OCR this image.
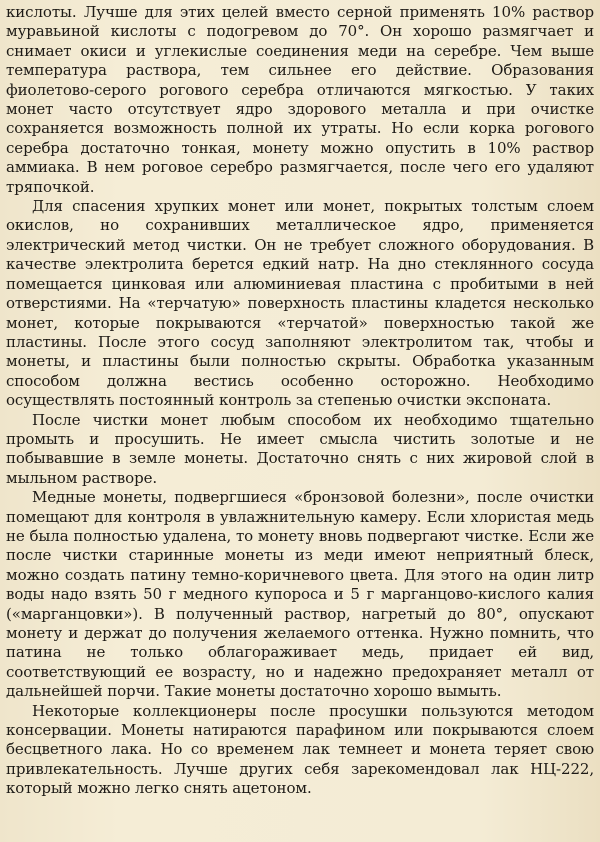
кислоты. Лучше для этих целей вместо серной применять 10% раствор муравьиной кислоты с подогревом до 70°. Он хорошо размягчает и снимает окиси и углекислые соединения меди на серебре. Чем выше температура раствора, тем сильнее его действие. Образования фиолетово-серого рогового серебра отличаются мягкостью. У таких монет часто отсутствует ядро здорового металла и при очистке сохраняется возможность полной их утраты. Но если корка рогового серебра достаточно тонкая, монету можно опустить в 10% раствор аммиака. В нем роговое серебро размягчается, после чего его удаляют тряпочкой.

Для спасения хрупких монет или монет, покрытых толстым слоем окислов, но сохранивших металлическое ядро, применяется электрический метод чистки. Он не требует сложного оборудования. В качестве электролита берется едкий натр. На дно стеклянного сосуда помещается цинковая или алюминиевая пластина с пробитыми в ней отверстиями. На «терчатую» поверхность пластины кладется несколько монет, которые покрываются «терчатой» поверхностью такой же пластины. После этого сосуд заполняют электролитом так, чтобы и монеты, и пластины были полностью скрыты. Обработка указанным способом должна вестись особенно осторожно. Необходимо осуществлять постоянный контроль за степенью очистки экспоната.

После чистки монет любым способом их необходимо тщательно промыть и просушить. Не имеет смысла чистить золотые и не побывавшие в земле монеты. Достаточно снять с них жировой слой в мыльном растворе.

Медные монеты, подвергшиеся «бронзовой болезни», после очистки помещают для контроля в увлажнительную камеру. Если хлористая медь не была полностью удалена, то монету вновь подвергают чистке. Если же после чистки старинные монеты из меди имеют неприятный блеск, можно создать патину темно-коричневого цвета. Для этого на один литр воды надо взять 50 г медного купороса и 5 г марганцово-кислого калия («марганцовки»). В полученный раствор, нагретый до 80°, опускают монету и держат до получения желаемого оттенка. Нужно помнить, что патина не только облагораживает медь, придает ей вид, соответствующий ее возрасту, но и надежно предохраняет металл от дальнейшей порчи. Такие монеты достаточно хорошо вымыть.

Некоторые коллекционеры после просушки пользуются методом консервации. Монеты натираются парафином или покрываются слоем бесцветного лака. Но со временем лак темнеет и монета теряет свою привлекательность. Лучше других себя зарекомендовал лак НЦ-222, который можно легко снять ацетоном.
